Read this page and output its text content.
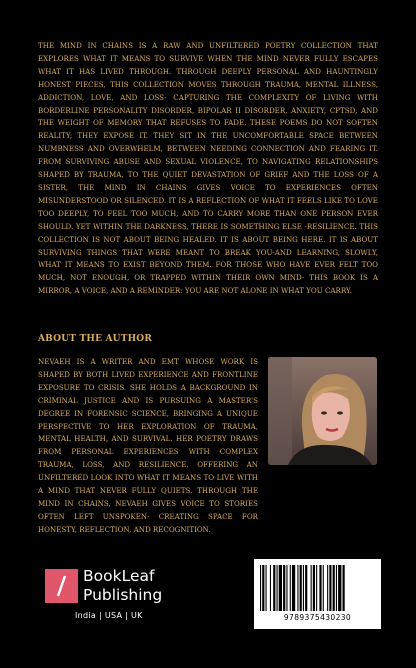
THE MIND IN CHAINS IS A RAW AND UNFILTERED POETRY COLLECTION THAT EXPLORES WHAT IT MEANS TO SURVIVE WHEN THE MIND NEVER FULLY ESCAPES WHAT IT HAS LIVED THROUGH. THROUGH DEEPLY PERSONAL AND HAUNTINGLY HONEST PIECES, THIS COLLECTION MOVES THROUGH TRAUMA, MENTAL ILLNESS, ADDICTION, LOVE, AND LOSS- CAPTURING THE COMPLEXITY OF LIVING WITH BORDERLINE PERSONALITY DISORDER, BIPOLAR II DISORDER, ANXIETY, CPTSD, AND THE WEIGHT OF MEMORY THAT REFUSES TO FADE. THESE POEMS DO NOT SOFTEN REALITY; THEY EXPOSE IT. THEY SIT IN THE UNCOMFORTABLE SPACE BETWEEN NUMBNESS AND OVERWHELM, BETWEEN NEEDING CONNECTION AND FEARING IT. FROM SURVIVING ABUSE AND SEXUAL VIOLENCE, TO NAVIGATING RELATIONSHIPS SHAPED BY TRAUMA, TO THE QUIET DEVASTATION OF GRIEF AND THE LOSS OF A SISTER, THE MIND IN CHAINS GIVES VOICE TO EXPERIENCES OFTEN MISUNDERSTOOD OR SILENCED. IT IS A REFLECTION OF WHAT IT FEELS LIKE TO LOVE TOO DEEPLY, TO FEEL TOO MUCH, AND TO CARRY MORE THAN ONE PERSON EVER SHOULD. YET WITHIN THE DARKNESS, THERE IS SOMETHING ELSE -RESILIENCE. THIS COLLECTION IS NOT ABOUT BEING HEALED. IT IS ABOUT BEING HERE. IT IS ABOUT SURVIVING THINGS THAT WERE MEANT TO BREAK YOU-AND LEARNING, SLOWLY, WHAT IT MEANS TO EXIST BEYOND THEM. FOR THOSE WHO HAVE EVER FELT TOO MUCH, NOT ENOUGH, OR TRAPPED WITHIN THEIR OWN MIND- THIS BOOK IS A MIRROR, A VOICE, AND A REMINDER: YOU ARE NOT ALONE IN WHAT YOU CARRY.

ABOUT THE AUTHOR

NEVAEH IS A WRITER AND EMT WHOSE WORK IS SHAPED BY BOTH LIVED EXPERIENCE AND FRONTLINE EXPOSURE TO CRISIS. SHE HOLDS A BACKGROUND IN CRIMINAL JUSTICE AND IS PURSUING A MASTER'S DEGREE IN FORENSIC SCIENCE, BRINGING A UNIQUE PERSPECTIVE TO HER EXPLORATION OF TRAUMA, MENTAL HEALTH, AND SURVIVAL. HER POETRY DRAWS FROM PERSONAL EXPERIENCES WITH COMPLEX TRAUMA, LOSS, AND RESILIENCE, OFFERING AN UNFILTERED LOOK INTO WHAT IT MEANS TO LIVE WITH A MIND THAT NEVER FULLY QUIETS. THROUGH THE MIND IN CHAINS, NEVAEH GIVES VOICE TO STORIES OFTEN LEFT UNSPOKEN- CREATING SPACE FOR HONESTY, REFLECTION, AND RECOGNITION.

BookLeaf
Publishing
India | USA | UK	9789375430230
